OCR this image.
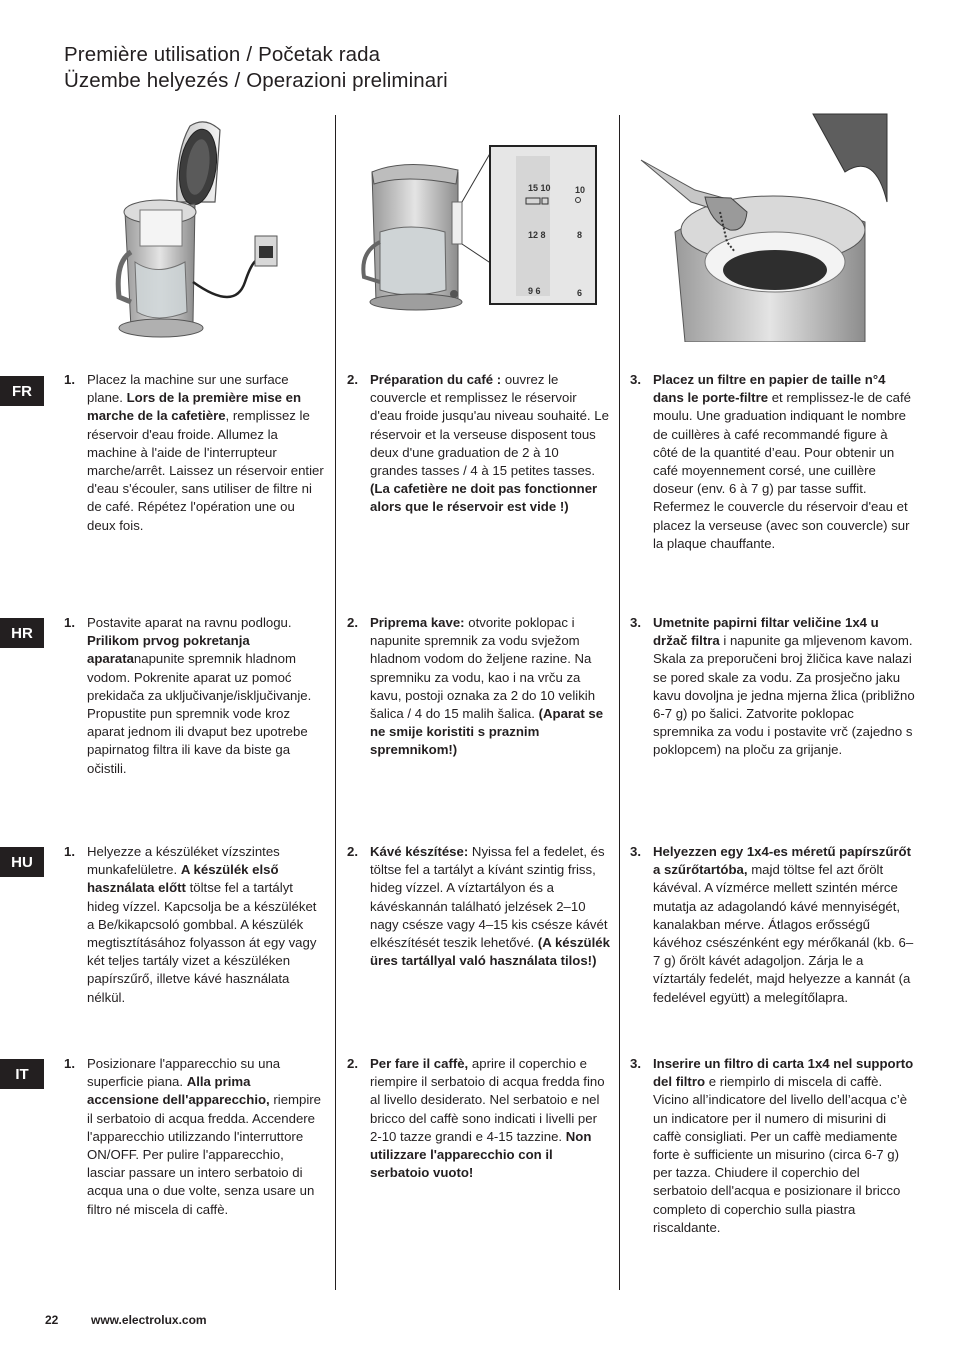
Première utilisation / Početak rada
Üzembe helyezés / Operazioni preliminari
15 10	10
12 8	8
9 6	6
FR
HR
HU
IT
1. Placez la machine sur une surface plane. Lors de la première mise en marche de la cafetière, remplissez le réservoir d'eau froide. Allumez la machine à l'aide de l'interrupteur marche/arrêt. Laissez un réservoir entier d'eau s'écouler, sans utiliser de filtre ni de café. Répétez l'opération une ou deux fois.
2. Préparation du café : ouvrez le couvercle et remplissez le réservoir d'eau froide jusqu'au niveau souhaité. Le réservoir et la verseuse disposent tous deux d'une graduation de 2 à 10 grandes tasses / 4 à 15 petites tasses. (La cafetière ne doit pas fonctionner alors que le réservoir est vide !)
3. Placez un filtre en papier de taille n°4 dans le porte-filtre et remplissez-le de café moulu. Une graduation indiquant le nombre de cuillères à café recommandé figure à côté de la quantité d’eau. Pour obtenir un café moyennement corsé, une cuillère doseur (env. 6 à 7 g) par tasse suffit. Refermez le couvercle du réservoir d'eau et placez la verseuse (avec son couvercle) sur la plaque chauffante.
1. Postavite aparat na ravnu podlogu. Prilikom prvog pokretanja aparatanapunite spremnik hladnom vodom. Pokrenite aparat uz pomoć prekidača za uključivanje/isključivanje. Propustite pun spremnik vode kroz aparat jednom ili dvaput bez upotrebe papirnatog filtra ili kave da biste ga očistili.
2. Priprema kave: otvorite poklopac i napunite spremnik za vodu svježom hladnom vodom do željene razine. Na spremniku za vodu, kao i na vrču za kavu, postoji oznaka za 2 do 10 velikih šalica / 4 do 15 malih šalica. (Aparat se ne smije koristiti s praznim spremnikom!)
3. Umetnite papirni filtar veličine 1x4 u držač filtra i napunite ga mljevenom kavom. Skala za preporučeni broj žličica kave nalazi se pored skale za vodu. Za prosječno jaku kavu dovoljna je jedna mjerna žlica (približno 6-7 g) po šalici. Zatvorite poklopac spremnika za vodu i postavite vrč (zajedno s poklopcem) na ploču za grijanje.
1. Helyezze a készüléket vízszintes munkafelületre. A készülék első használata előtt töltse fel a tartályt hideg vízzel. Kapcsolja be a készüléket a Be/kikapcsoló gombbal. A készülék megtisztításához folyasson át egy vagy két teljes tartály vizet a készüléken papírszűrő, illetve kávé használata nélkül.
2. Kávé készítése: Nyissa fel a fedelet, és töltse fel a tartályt a kívánt szintig friss, hideg vízzel. A víztartályon és a kávéskannán található jelzések 2–10 nagy csésze vagy 4–15 kis csésze kávét elkészítését teszik lehetővé. (A készülék üres tartállyal való használata tilos!)
3. Helyezzen egy 1x4-es méretű papírszűrőt a szűrőtartóba, majd töltse fel azt őrölt kávéval. A vízmérce mellett szintén mérce mutatja az adagolandó kávé mennyiségét, kanalakban mérve. Átlagos erősségű kávéhoz csészénként egy mérőkanál (kb. 6–7 g) őrölt kávét adagoljon. Zárja le a víztartály fedelét, majd helyezze a kannát (a fedelével együtt) a melegítőlapra.
1. Posizionare l'apparecchio su una superficie piana. Alla prima accensione dell'apparecchio, riempire il serbatoio di acqua fredda. Accendere l'apparecchio utilizzando l'interruttore ON/OFF. Per pulire l'apparecchio, lasciar passare un intero serbatoio di acqua una o due volte, senza usare un filtro né miscela di caffè.
2. Per fare il caffè, aprire il coperchio e riempire il serbatoio di acqua fredda fino al livello desiderato. Nel serbatoio e nel bricco del caffè sono indicati i livelli per 2-10 tazze grandi e 4-15 tazzine. Non utilizzare l'apparecchio con il serbatoio vuoto!
3. Inserire un filtro di carta 1x4 nel supporto del filtro e riempirlo di miscela di caffè. Vicino all’indicatore del livello dell’acqua c’è un indicatore per il numero di misurini di caffè consigliati. Per un caffè mediamente forte è sufficiente un misurino (circa 6-7 g) per tazza. Chiudere il coperchio del serbatoio dell'acqua e posizionare il bricco completo di coperchio sulla piastra riscaldante.
22	www.electrolux.com
